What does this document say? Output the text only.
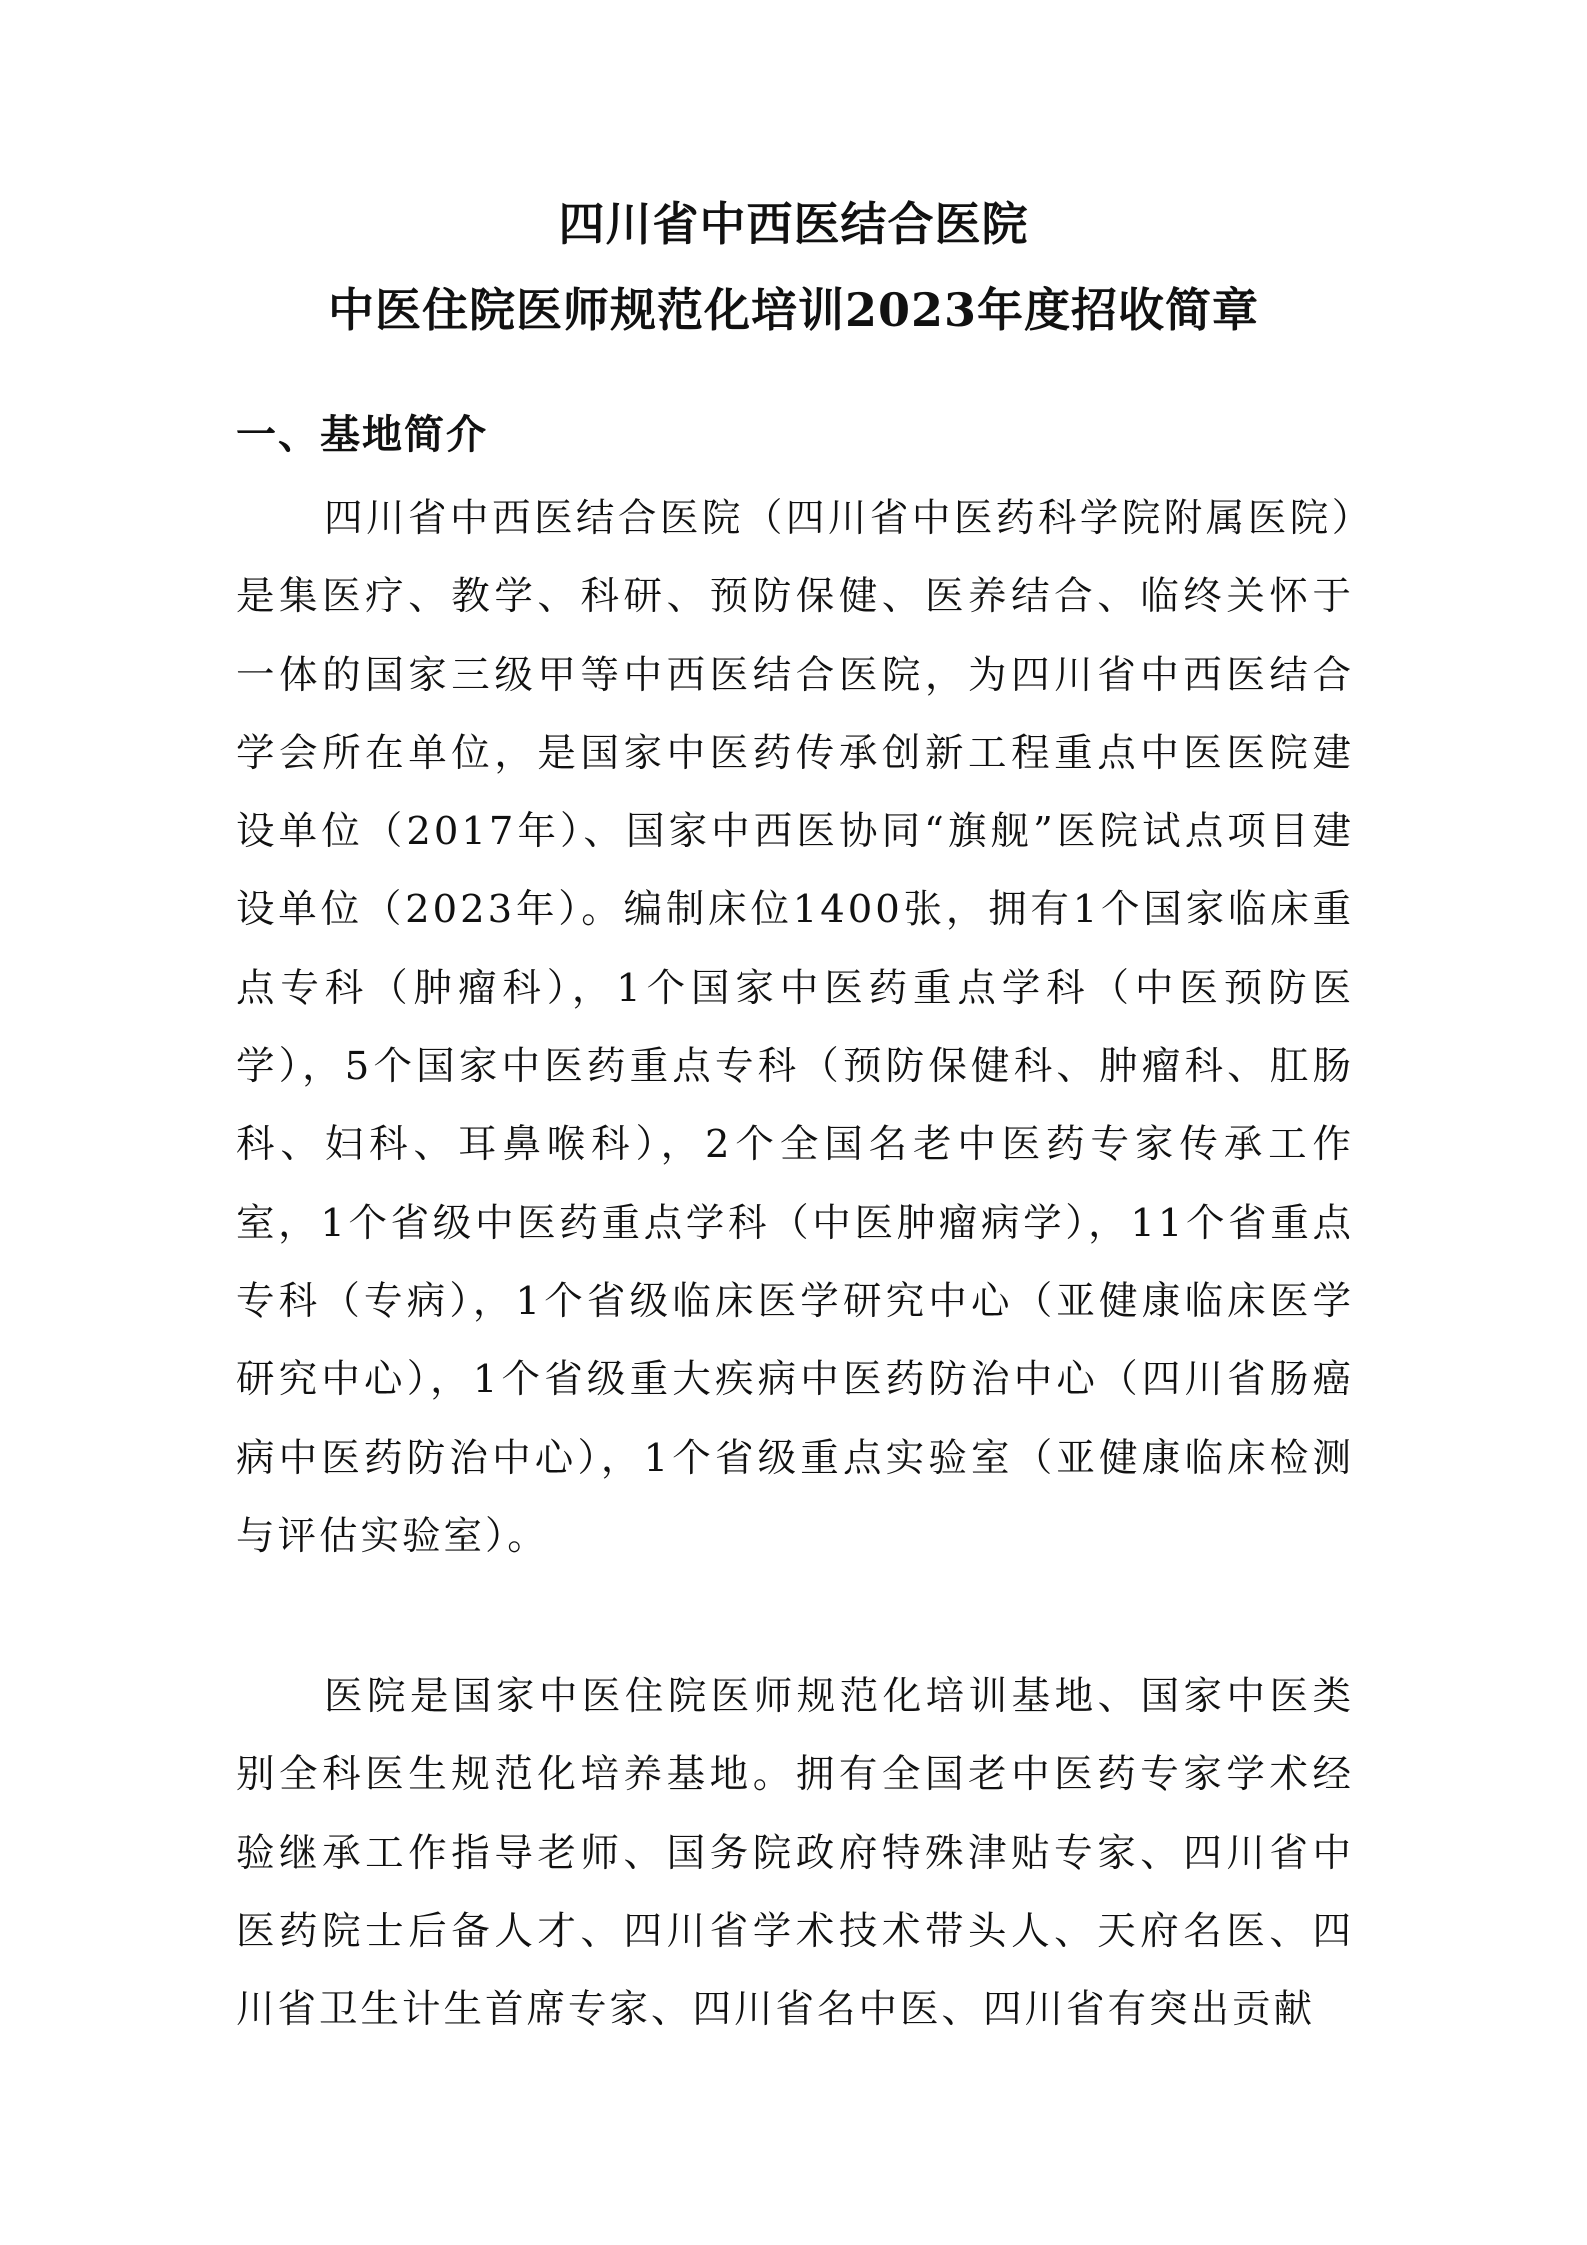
四川省中西医结合医院
中医住院医师规范化培训2023年度招收简章
一、基地简介

四川省中西医结合医院（四川省中医药科学院附属医院）是集医疗、教学、科研、预防保健、医养结合、临终关怀于一体的国家三级甲等中西医结合医院，为四川省中西医结合学会所在单位，是国家中医药传承创新工程重点中医医院建设单位（2017年）、国家中西医协同“旗舰”医院试点项目建设单位（2023年）。编制床位1400张，拥有1个国家临床重点专科（肿瘤科），1个国家中医药重点学科（中医预防医学），5个国家中医药重点专科（预防保健科、肿瘤科、肛肠科、妇科、耳鼻喉科），2个全国名老中医药专家传承工作室，1个省级中医药重点学科（中医肿瘤病学），11个省重点专科（专病），1个省级临床医学研究中心（亚健康临床医学研究中心），1个省级重大疾病中医药防治中心（四川省肠癌病中医药防治中心），1个省级重点实验室（亚健康临床检测与评估实验室）。

医院是国家中医住院医师规范化培训基地、国家中医类别全科医生规范化培养基地。拥有全国老中医药专家学术经验继承工作指导老师、国务院政府特殊津贴专家、四川省中医药院士后备人才、四川省学术技术带头人、天府名医、四川省卫生计生首席专家、四川省名中医、四川省有突出贡献
